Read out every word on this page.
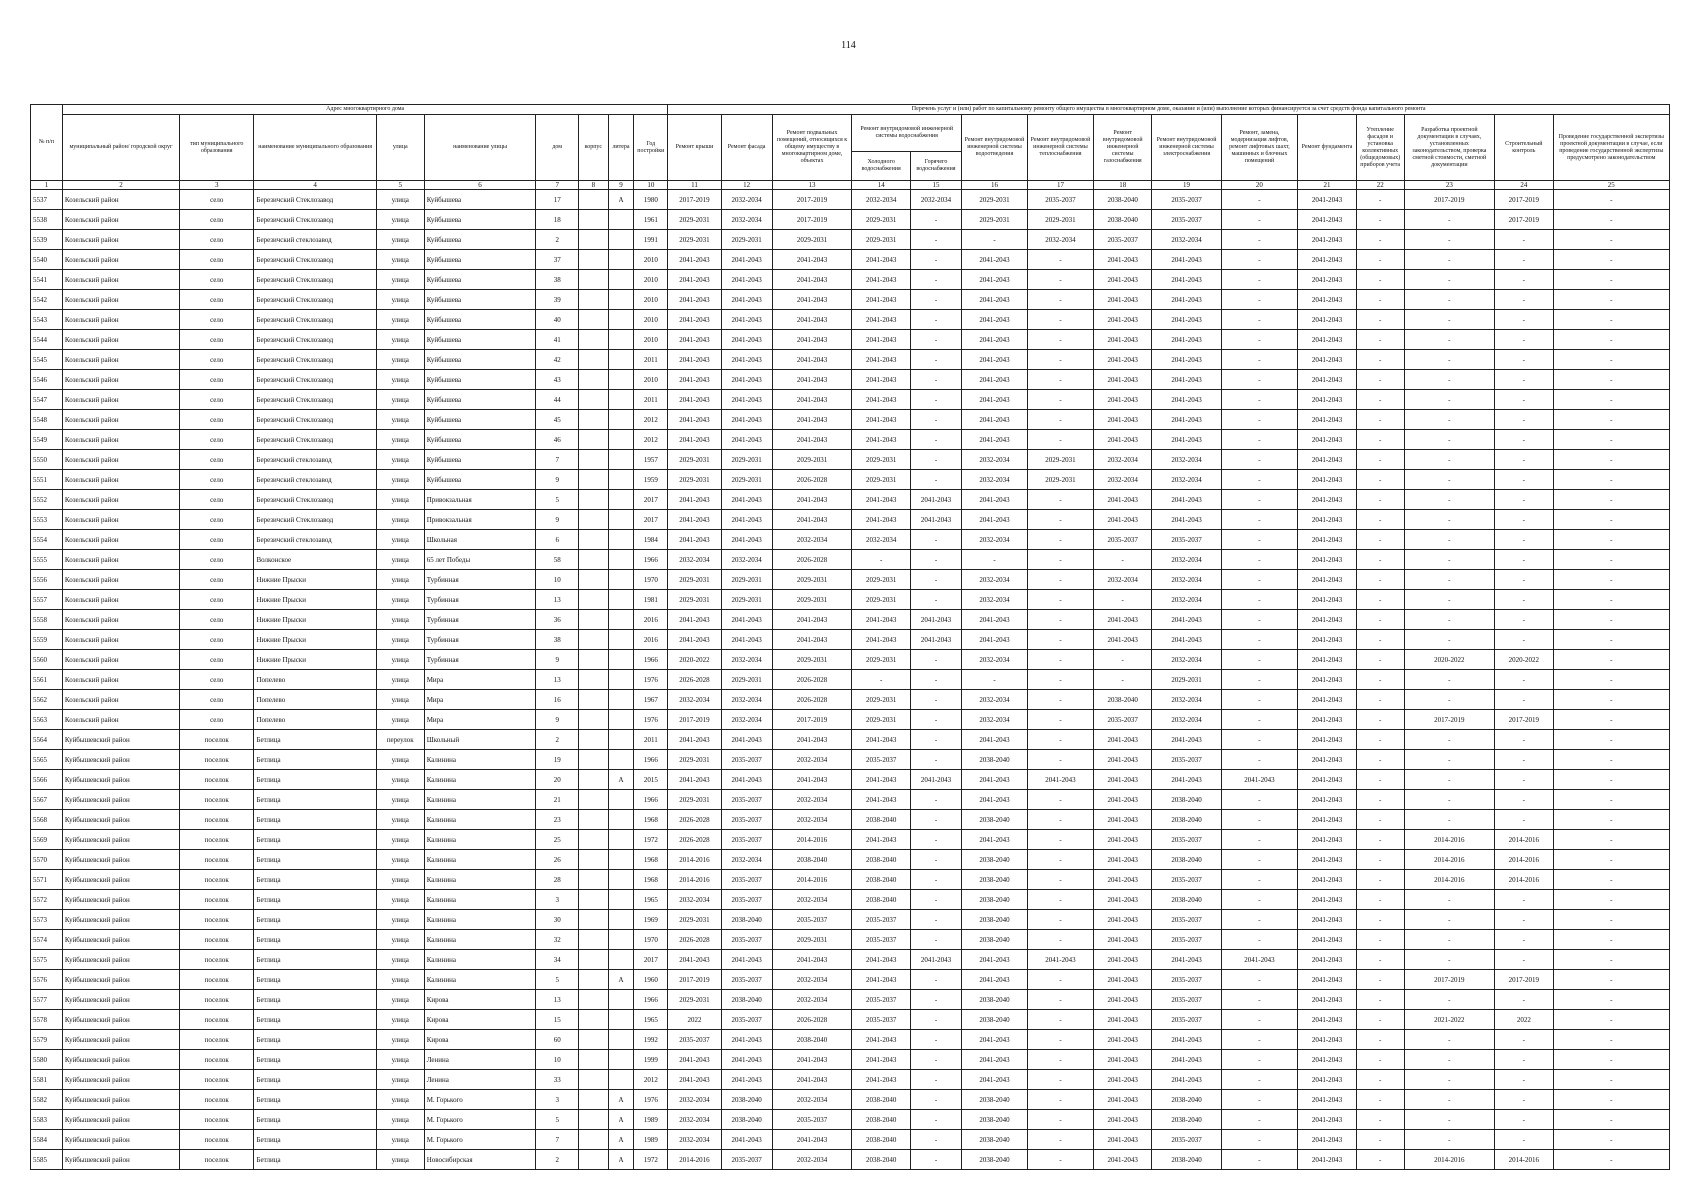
114
№ п/п	Адрес многоквартирного дома									Перечень услуг и (или) работ по капитальному ремонту общего имущества в многоквартирном доме, оказание и (или) выполнение которых финансируется за счет средств фонда капитального ремонта														
	муниципальный район/ городской округ	тип муниципального образования	наименование муниципального образования	улица	наименование улицы	дом	корпус	литера	Год постройки	Ремонт крыши	Ремонт фасада	Ремонт подвальных помещений, относящихся к общему имуществу в многоквартирном доме, объектах	Ремонт внутридомовой инженерной системы водоснабжения		Ремонт внутридомовой инженерной системы водоотведения	Ремонт внутридомовой инженерной системы теплоснабжения	Ремонт внутридомовой инженерной системы газоснабжения	Ремонт внутридомовой инженерной системы электроснабжения	Ремонт, замена, модернизация лифтов, ремонт лифтовых шахт, машинных и блочных помещений	Ремонт фундамента	Утепление фасадов и установка коллективных (общедомовых) приборов учета	Разработка проектной документации в случаях, установленных законодательством, проверка сметной стоимости, сметной документации	Строительный контроль	Проведение государственной экспертизы проектной документации в случае, если проведение государственной экспертизы предусмотрено законодательством
													Холодного водоснабжения	Горячего водоснабжения										
1	2	3	4	5	6	7	8	9	10	11	12	13	14	15	16	17	18	19	20	21	22	23	24	25
5537	Козельский район	село	Березичский Стеклозавод	улица	Куйбышева	17		А	1980	2017-2019	2032-2034	2017-2019	2032-2034	2032-2034	2029-2031	2035-2037	2038-2040	2035-2037	-	2041-2043	-	2017-2019	2017-2019	-
5538	Козельский район	село	Березичский Стеклозавод	улица	Куйбышева	18			1961	2029-2031	2032-2034	2017-2019	2029-2031	-	2029-2031	2029-2031	2038-2040	2035-2037	-	2041-2043	-	-	2017-2019	-
5539	Козельский район	село	Березичский стеклозавод	улица	Куйбышева	2			1991	2029-2031	2029-2031	2029-2031	2029-2031	-	-	2032-2034	2035-2037	2032-2034	-	2041-2043	-	-	-	-
5540	Козельский район	село	Березичский Стеклозавод	улица	Куйбышева	37			2010	2041-2043	2041-2043	2041-2043	2041-2043	-	2041-2043	-	2041-2043	2041-2043	-	2041-2043	-	-	-	-
5541	Козельский район	село	Березичский Стеклозавод	улица	Куйбышева	38			2010	2041-2043	2041-2043	2041-2043	2041-2043	-	2041-2043	-	2041-2043	2041-2043	-	2041-2043	-	-	-	-
5542	Козельский район	село	Березичский Стеклозавод	улица	Куйбышева	39			2010	2041-2043	2041-2043	2041-2043	2041-2043	-	2041-2043	-	2041-2043	2041-2043	-	2041-2043	-	-	-	-
5543	Козельский район	село	Березичский Стеклозавод	улица	Куйбышева	40			2010	2041-2043	2041-2043	2041-2043	2041-2043	-	2041-2043	-	2041-2043	2041-2043	-	2041-2043	-	-	-	-
5544	Козельский район	село	Березичский Стеклозавод	улица	Куйбышева	41			2010	2041-2043	2041-2043	2041-2043	2041-2043	-	2041-2043	-	2041-2043	2041-2043	-	2041-2043	-	-	-	-
5545	Козельский район	село	Березичский Стеклозавод	улица	Куйбышева	42			2011	2041-2043	2041-2043	2041-2043	2041-2043	-	2041-2043	-	2041-2043	2041-2043	-	2041-2043	-	-	-	-
5546	Козельский район	село	Березичский Стеклозавод	улица	Куйбышева	43			2010	2041-2043	2041-2043	2041-2043	2041-2043	-	2041-2043	-	2041-2043	2041-2043	-	2041-2043	-	-	-	-
5547	Козельский район	село	Березичский Стеклозавод	улица	Куйбышева	44			2011	2041-2043	2041-2043	2041-2043	2041-2043	-	2041-2043	-	2041-2043	2041-2043	-	2041-2043	-	-	-	-
5548	Козельский район	село	Березичский Стеклозавод	улица	Куйбышева	45			2012	2041-2043	2041-2043	2041-2043	2041-2043	-	2041-2043	-	2041-2043	2041-2043	-	2041-2043	-	-	-	-
5549	Козельский район	село	Березичский Стеклозавод	улица	Куйбышева	46			2012	2041-2043	2041-2043	2041-2043	2041-2043	-	2041-2043	-	2041-2043	2041-2043	-	2041-2043	-	-	-	-
5550	Козельский район	село	Березичский стеклозавод	улица	Куйбышева	7			1957	2029-2031	2029-2031	2029-2031	2029-2031	-	2032-2034	2029-2031	2032-2034	2032-2034	-	2041-2043	-	-	-	-
5551	Козельский район	село	Березичский стеклозавод	улица	Куйбышева	9			1959	2029-2031	2029-2031	2026-2028	2029-2031	-	2032-2034	2029-2031	2032-2034	2032-2034	-	2041-2043	-	-	-	-
5552	Козельский район	село	Березичский Стеклозавод	улица	Привокзальная	5			2017	2041-2043	2041-2043	2041-2043	2041-2043	2041-2043	2041-2043	-	2041-2043	2041-2043	-	2041-2043	-	-	-	-
5553	Козельский район	село	Березичский Стеклозавод	улица	Привокзальная	9			2017	2041-2043	2041-2043	2041-2043	2041-2043	2041-2043	2041-2043	-	2041-2043	2041-2043	-	2041-2043	-	-	-	-
5554	Козельский район	село	Березичский стеклозавод	улица	Школьная	6			1984	2041-2043	2041-2043	2032-2034	2032-2034	-	2032-2034	-	2035-2037	2035-2037	-	2041-2043	-	-	-	-
5555	Козельский район	село	Волконское	улица	65 лет Победы	58			1966	2032-2034	2032-2034	2026-2028	-	-	-	-	-	2032-2034	-	2041-2043	-	-	-	-
5556	Козельский район	село	Нижние Прыски	улица	Турбинная	10			1970	2029-2031	2029-2031	2029-2031	2029-2031	-	2032-2034	-	2032-2034	2032-2034	-	2041-2043	-	-	-	-
5557	Козельский район	село	Нижние Прыски	улица	Турбинная	13			1981	2029-2031	2029-2031	2029-2031	2029-2031	-	2032-2034	-	-	2032-2034	-	2041-2043	-	-	-	-
5558	Козельский район	село	Нижние Прыски	улица	Турбинная	36			2016	2041-2043	2041-2043	2041-2043	2041-2043	2041-2043	2041-2043	-	2041-2043	2041-2043	-	2041-2043	-	-	-	-
5559	Козельский район	село	Нижние Прыски	улица	Турбинная	38			2016	2041-2043	2041-2043	2041-2043	2041-2043	2041-2043	2041-2043	-	2041-2043	2041-2043	-	2041-2043	-	-	-	-
5560	Козельский район	село	Нижние Прыски	улица	Турбинная	9			1966	2020-2022	2032-2034	2029-2031	2029-2031	-	2032-2034	-	-	2032-2034	-	2041-2043	-	2020-2022	2020-2022	-
5561	Козельский район	село	Попелево	улица	Мира	13			1976	2026-2028	2029-2031	2026-2028	-	-	-	-	-	2029-2031	-	2041-2043	-	-	-	-
5562	Козельский район	село	Попелево	улица	Мира	16			1967	2032-2034	2032-2034	2026-2028	2029-2031	-	2032-2034	-	2038-2040	2032-2034	-	2041-2043	-	-	-	-
5563	Козельский район	село	Попелево	улица	Мира	9			1976	2017-2019	2032-2034	2017-2019	2029-2031	-	2032-2034	-	2035-2037	2032-2034	-	2041-2043	-	2017-2019	2017-2019	-
5564	Куйбышевский район	поселок	Бетлица	переулок	Школьный	2			2011	2041-2043	2041-2043	2041-2043	2041-2043	-	2041-2043	-	2041-2043	2041-2043	-	2041-2043	-	-	-	-
5565	Куйбышевский район	поселок	Бетлица	улица	Калинина	19			1966	2029-2031	2035-2037	2032-2034	2035-2037	-	2038-2040	-	2041-2043	2035-2037	-	2041-2043	-	-	-	-
5566	Куйбышевский район	поселок	Бетлица	улица	Калинина	20		А	2015	2041-2043	2041-2043	2041-2043	2041-2043	2041-2043	2041-2043	2041-2043	2041-2043	2041-2043	2041-2043	2041-2043	-	-	-	-
5567	Куйбышевский район	поселок	Бетлица	улица	Калинина	21			1966	2029-2031	2035-2037	2032-2034	2041-2043	-	2041-2043	-	2041-2043	2038-2040	-	2041-2043	-	-	-	-
5568	Куйбышевский район	поселок	Бетлица	улица	Калинина	23			1968	2026-2028	2035-2037	2032-2034	2038-2040	-	2038-2040	-	2041-2043	2038-2040	-	2041-2043	-	-	-	-
5569	Куйбышевский район	поселок	Бетлица	улица	Калинина	25			1972	2026-2028	2035-2037	2014-2016	2041-2043	-	2041-2043	-	2041-2043	2035-2037	-	2041-2043	-	2014-2016	2014-2016	-
5570	Куйбышевский район	поселок	Бетлица	улица	Калинина	26			1968	2014-2016	2032-2034	2038-2040	2038-2040	-	2038-2040	-	2041-2043	2038-2040	-	2041-2043	-	2014-2016	2014-2016	-
5571	Куйбышевский район	поселок	Бетлица	улица	Калинина	28			1968	2014-2016	2035-2037	2014-2016	2038-2040	-	2038-2040	-	2041-2043	2035-2037	-	2041-2043	-	2014-2016	2014-2016	-
5572	Куйбышевский район	поселок	Бетлица	улица	Калинина	3			1965	2032-2034	2035-2037	2032-2034	2038-2040	-	2038-2040	-	2041-2043	2038-2040	-	2041-2043	-	-	-	-
5573	Куйбышевский район	поселок	Бетлица	улица	Калинина	30			1969	2029-2031	2038-2040	2035-2037	2035-2037	-	2038-2040	-	2041-2043	2035-2037	-	2041-2043	-	-	-	-
5574	Куйбышевский район	поселок	Бетлица	улица	Калинина	32			1970	2026-2028	2035-2037	2029-2031	2035-2037	-	2038-2040	-	2041-2043	2035-2037	-	2041-2043	-	-	-	-
5575	Куйбышевский район	поселок	Бетлица	улица	Калинина	34			2017	2041-2043	2041-2043	2041-2043	2041-2043	2041-2043	2041-2043	2041-2043	2041-2043	2041-2043	2041-2043	2041-2043	-	-	-	-
5576	Куйбышевский район	поселок	Бетлица	улица	Калинина	5		А	1960	2017-2019	2035-2037	2032-2034	2041-2043	-	2041-2043	-	2041-2043	2035-2037	-	2041-2043	-	2017-2019	2017-2019	-
5577	Куйбышевский район	поселок	Бетлица	улица	Кирова	13			1966	2029-2031	2038-2040	2032-2034	2035-2037	-	2038-2040	-	2041-2043	2035-2037	-	2041-2043	-	-	-	-
5578	Куйбышевский район	поселок	Бетлица	улица	Кирова	15			1965	2022	2035-2037	2026-2028	2035-2037	-	2038-2040	-	2041-2043	2035-2037	-	2041-2043	-	2021-2022	2022	-
5579	Куйбышевский район	поселок	Бетлица	улица	Кирова	60			1992	2035-2037	2041-2043	2038-2040	2041-2043	-	2041-2043	-	2041-2043	2041-2043	-	2041-2043	-	-	-	-
5580	Куйбышевский район	поселок	Бетлица	улица	Ленина	10			1999	2041-2043	2041-2043	2041-2043	2041-2043	-	2041-2043	-	2041-2043	2041-2043	-	2041-2043	-	-	-	-
5581	Куйбышевский район	поселок	Бетлица	улица	Ленина	33			2012	2041-2043	2041-2043	2041-2043	2041-2043	-	2041-2043	-	2041-2043	2041-2043	-	2041-2043	-	-	-	-
5582	Куйбышевский район	поселок	Бетлица	улица	М. Горького	3		А	1976	2032-2034	2038-2040	2032-2034	2038-2040	-	2038-2040	-	2041-2043	2038-2040	-	2041-2043	-	-	-	-
5583	Куйбышевский район	поселок	Бетлица	улица	М. Горького	5		А	1989	2032-2034	2038-2040	2035-2037	2038-2040	-	2038-2040	-	2041-2043	2038-2040	-	2041-2043	-	-	-	-
5584	Куйбышевский район	поселок	Бетлица	улица	М. Горького	7		А	1989	2032-2034	2041-2043	2041-2043	2038-2040	-	2038-2040	-	2041-2043	2035-2037	-	2041-2043	-	-	-	-
5585	Куйбышевский район	поселок	Бетлица	улица	Новосибирская	2		А	1972	2014-2016	2035-2037	2032-2034	2038-2040	-	2038-2040	-	2041-2043	2038-2040	-	2041-2043	-	2014-2016	2014-2016	-
